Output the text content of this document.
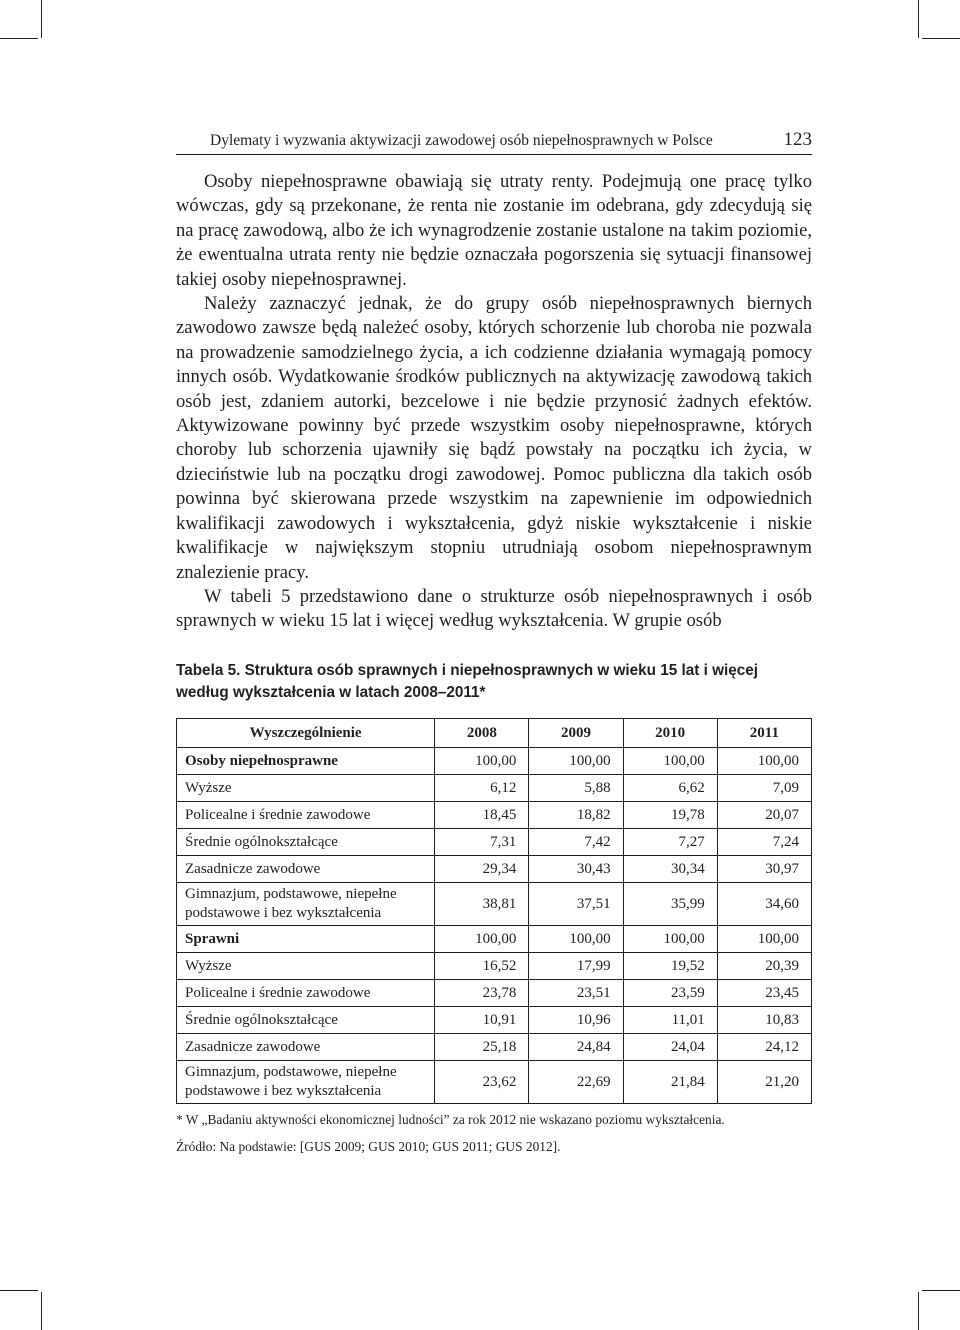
Dylematy i wyzwania aktywizacji zawodowej osób niepełnosprawnych w Polsce	123

Osoby niepełnosprawne obawiają się utraty renty. Podejmują one pracę tylko wówczas, gdy są przekonane, że renta nie zostanie im odebrana, gdy zdecydują się na pracę zawodową, albo że ich wynagrodzenie zostanie ustalone na takim poziomie, że ewentualna utrata renty nie będzie oznaczała pogorszenia się sytuacji finansowej takiej osoby niepełnosprawnej.

Należy zaznaczyć jednak, że do grupy osób niepełnosprawnych biernych zawodowo zawsze będą należeć osoby, których schorzenie lub choroba nie pozwala na prowadzenie samodzielnego życia, a ich codzienne działania wymagają pomocy innych osób. Wydatkowanie środków publicznych na aktywizację zawodową takich osób jest, zdaniem autorki, bezcelowe i nie będzie przynosić żadnych efektów. Aktywizowane powinny być przede wszystkim osoby niepełnosprawne, których choroby lub schorzenia ujawniły się bądź powstały na początku ich życia, w dzieciństwie lub na początku drogi zawodowej. Pomoc publiczna dla takich osób powinna być skierowana przede wszystkim na zapewnienie im odpowiednich kwalifikacji zawodowych i wykształcenia, gdyż niskie wykształcenie i niskie kwalifikacje w największym stopniu utrudniają osobom niepełnosprawnym znalezienie pracy.

W tabeli 5 przedstawiono dane o strukturze osób niepełnosprawnych i osób sprawnych w wieku 15 lat i więcej według wykształcenia. W grupie osób

Tabela 5. Struktura osób sprawnych i niepełnosprawnych w wieku 15 lat i więcej
według wykształcenia w latach 2008–2011*
Wyszczególnienie	2008	2009	2010	2011
Osoby niepełnosprawne	100,00	100,00	100,00	100,00
Wyższe	6,12	5,88	6,62	7,09
Policealne i średnie zawodowe	18,45	18,82	19,78	20,07
Średnie ogólnokształcące	7,31	7,42	7,27	7,24
Zasadnicze zawodowe	29,34	30,43	30,34	30,97
Gimnazjum, podstawowe, niepełne podstawowe i bez wykształcenia	38,81	37,51	35,99	34,60
Sprawni	100,00	100,00	100,00	100,00
Wyższe	16,52	17,99	19,52	20,39
Policealne i średnie zawodowe	23,78	23,51	23,59	23,45
Średnie ogólnokształcące	10,91	10,96	11,01	10,83
Zasadnicze zawodowe	25,18	24,84	24,04	24,12
Gimnazjum, podstawowe, niepełne podstawowe i bez wykształcenia	23,62	22,69	21,84	21,20
* W „Badaniu aktywności ekonomicznej ludności” za rok 2012 nie wskazano poziomu wykształcenia.
Źródło: Na podstawie: [GUS 2009; GUS 2010; GUS 2011; GUS 2012].
